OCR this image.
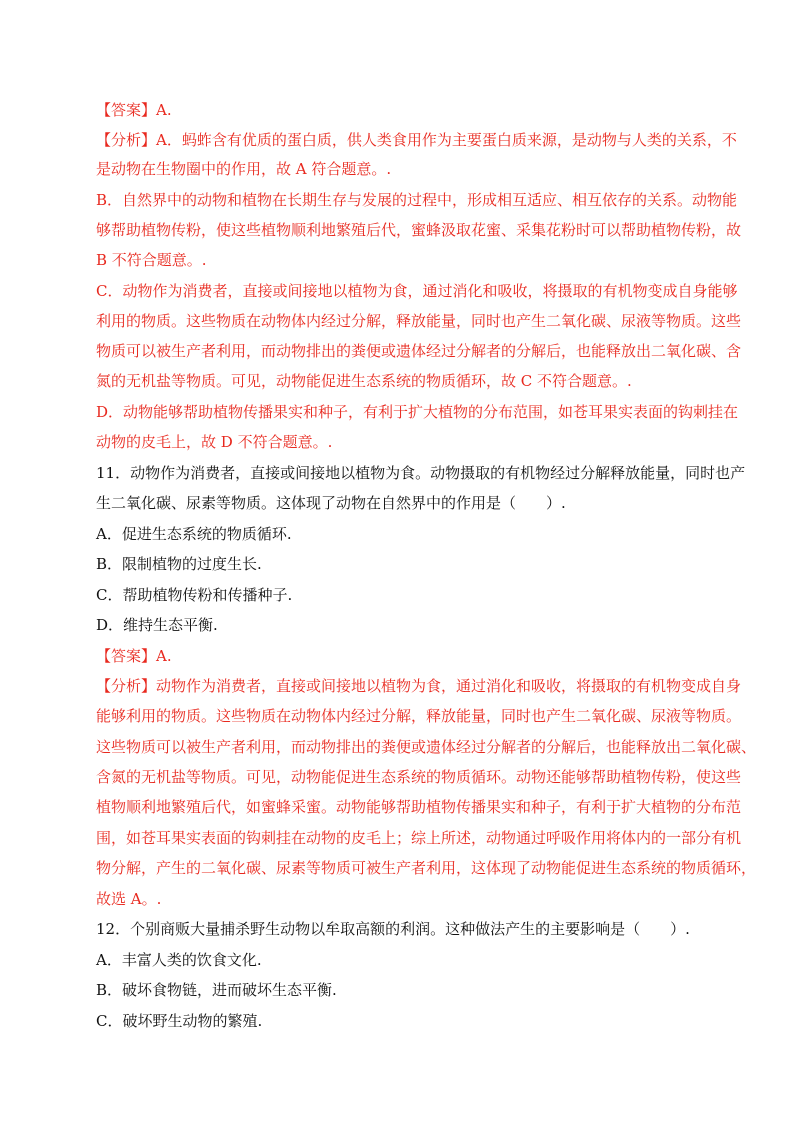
【答案】A.
【分析】A．蚂蚱含有优质的蛋白质，供人类食用作为主要蛋白质来源，是动物与人类的关系，不
是动物在生物圈中的作用，故 A 符合题意。.
B．自然界中的动物和植物在长期生存与发展的过程中，形成相互适应、相互依存的关系。动物能
够帮助植物传粉，使这些植物顺利地繁殖后代，蜜蜂汲取花蜜、采集花粉时可以帮助植物传粉，故
B 不符合题意。.
C．动物作为消费者，直接或间接地以植物为食，通过消化和吸收，将摄取的有机物变成自身能够
利用的物质。这些物质在动物体内经过分解，释放能量，同时也产生二氧化碳、尿液等物质。这些
物质可以被生产者利用，而动物排出的粪便或遗体经过分解者的分解后，也能释放出二氧化碳、含
氮的无机盐等物质。可见，动物能促进生态系统的物质循环，故 C 不符合题意。.
D．动物能够帮助植物传播果实和种子，有利于扩大植物的分布范围，如苍耳果实表面的钩刺挂在
动物的皮毛上，故 D 不符合题意。.
11．动物作为消费者，直接或间接地以植物为食。动物摄取的有机物经过分解释放能量，同时也产
生二氧化碳、尿素等物质。这体现了动物在自然界中的作用是（　　）.
A．促进生态系统的物质循环.
B．限制植物的过度生长.
C．帮助植物传粉和传播种子.
D．维持生态平衡.
【答案】A.
【分析】动物作为消费者，直接或间接地以植物为食，通过消化和吸收，将摄取的有机物变成自身
能够利用的物质。这些物质在动物体内经过分解，释放能量，同时也产生二氧化碳、尿液等物质。
这些物质可以被生产者利用，而动物排出的粪便或遗体经过分解者的分解后，也能释放出二氧化碳、
含氮的无机盐等物质。可见，动物能促进生态系统的物质循环。动物还能够帮助植物传粉，使这些
植物顺利地繁殖后代，如蜜蜂采蜜。动物能够帮助植物传播果实和种子，有利于扩大植物的分布范
围，如苍耳果实表面的钩刺挂在动物的皮毛上；综上所述，动物通过呼吸作用将体内的一部分有机
物分解，产生的二氧化碳、尿素等物质可被生产者利用，这体现了动物能促进生态系统的物质循环，
故选 A。.
12．个别商贩大量捕杀野生动物以牟取高额的利润。这种做法产生的主要影响是（　　）.
A．丰富人类的饮食文化.
B．破坏食物链，进而破坏生态平衡.
C．破坏野生动物的繁殖.
